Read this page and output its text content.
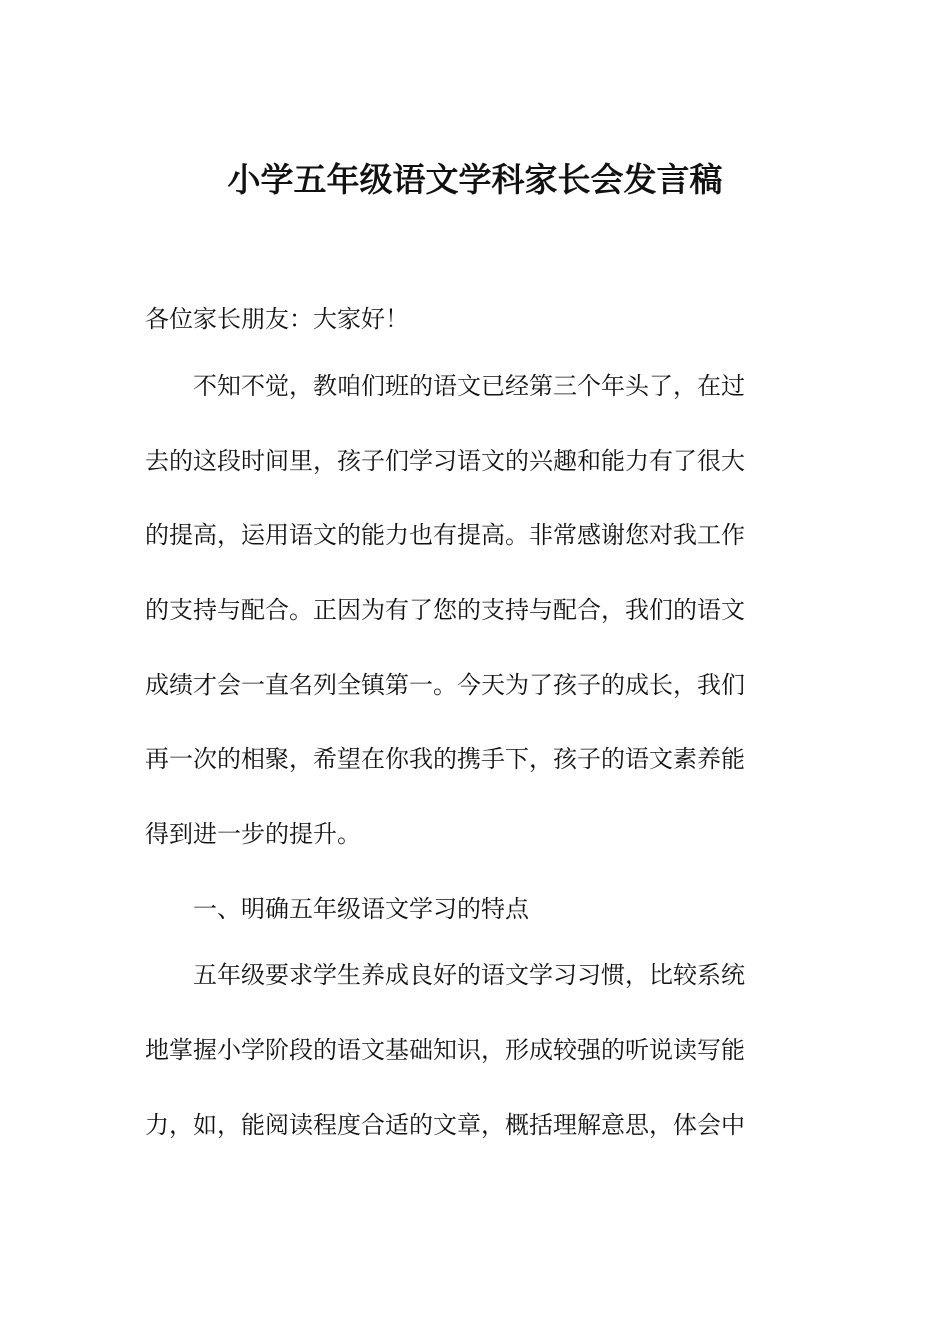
小学五年级语文学科家长会发言稿
各位家长朋友：大家好！
不知不觉，教咱们班的语文已经第三个年头了，在过
去的这段时间里，孩子们学习语文的兴趣和能力有了很大
的提高，运用语文的能力也有提高。非常感谢您对我工作
的支持与配合。正因为有了您的支持与配合，我们的语文
成绩才会一直名列全镇第一。今天为了孩子的成长，我们
再一次的相聚，希望在你我的携手下，孩子的语文素养能
得到进一步的提升。
一、明确五年级语文学习的特点
五年级要求学生养成良好的语文学习习惯，比较系统
地掌握小学阶段的语文基础知识，形成较强的听说读写能
力，如，能阅读程度合适的文章，概括理解意思，体会中
